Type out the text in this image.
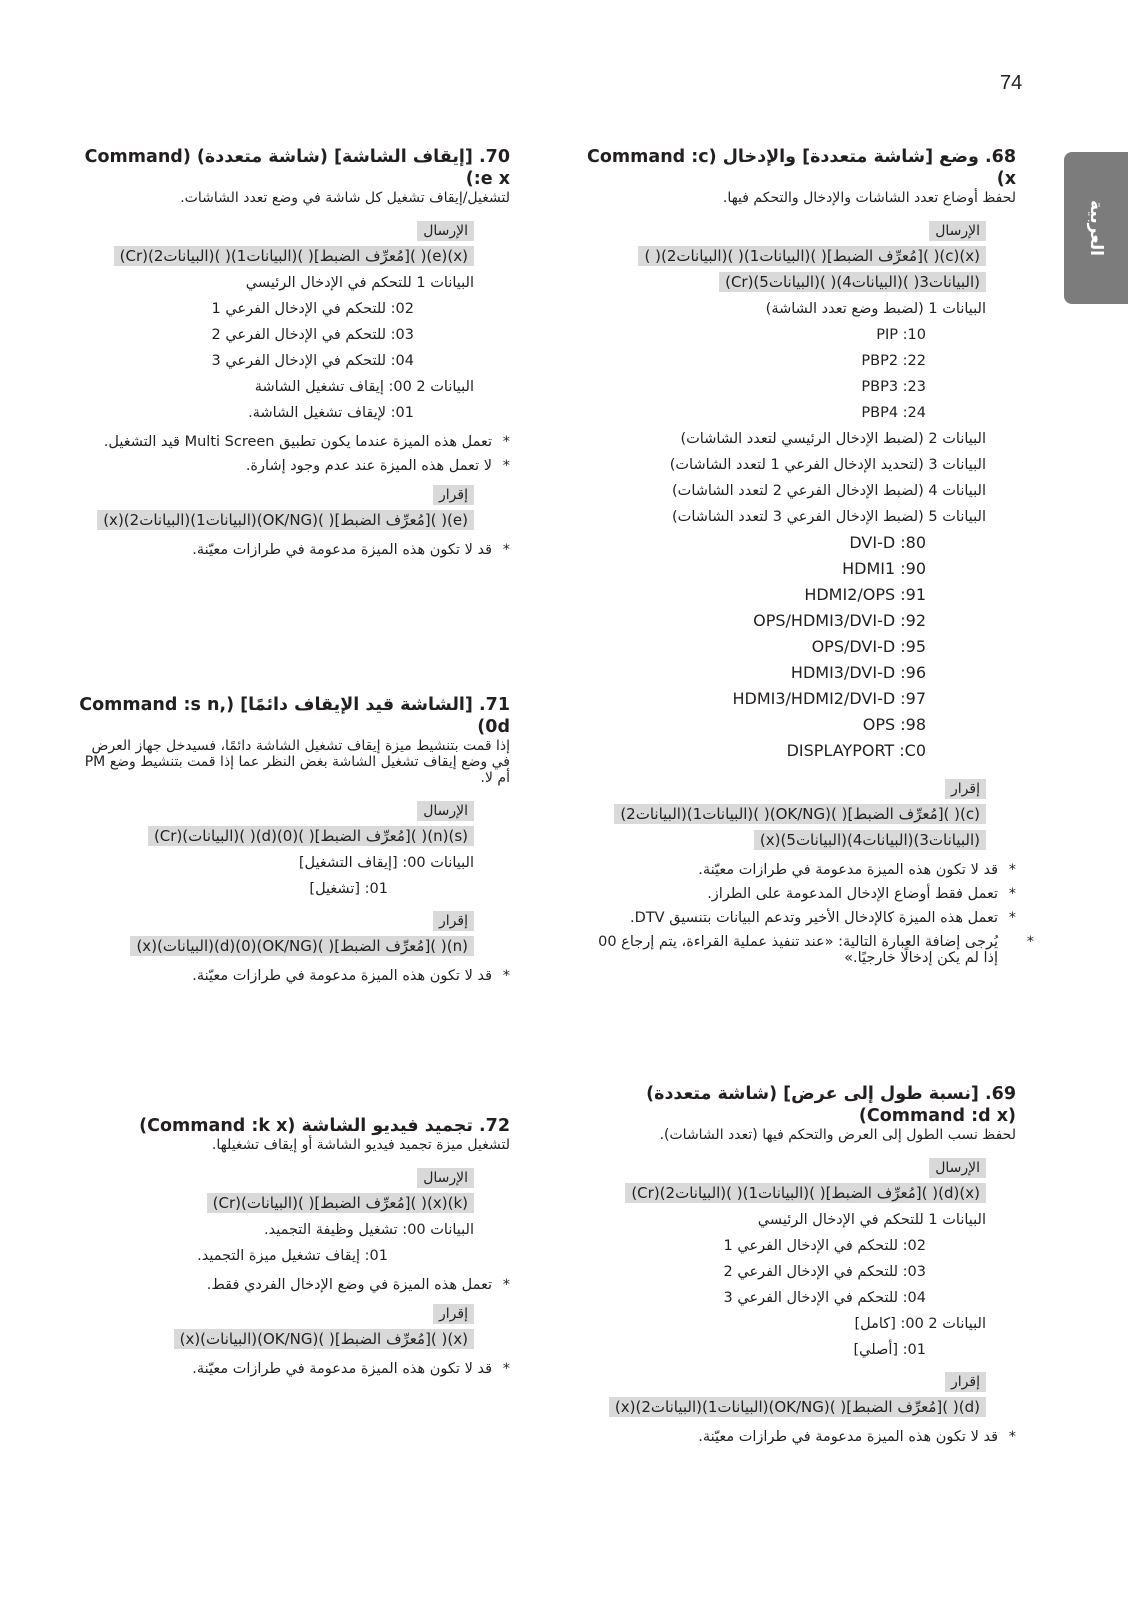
74
العربية

68. وضع [شاشة متعددة] والإدخال (Command :c x)

لحفظ أوضاع تعدد الشاشات والإدخال والتحكم فيها.

الإرسال
(x)(c)( )[مُعرِّف الضبط]( )(البيانات1)( )(البيانات2)( )
(البيانات3( )(البيانات4)( )(البيانات5)(Cr)

البيانات 1 (لضبط وضع تعدد الشاشة)

PIP :10

PBP2 :22

PBP3 :23

PBP4 :24

البيانات 2 (لضبط الإدخال الرئيسي لتعدد الشاشات)

البيانات 3 (لتحديد الإدخال الفرعي 1 لتعدد الشاشات)

البيانات 4 (لضبط الإدخال الفرعي 2 لتعدد الشاشات)

البيانات 5 (لضبط الإدخال الفرعي 3 لتعدد الشاشات)

DVI-D :80

HDMI1 :90

HDMI2/OPS :91

OPS/HDMI3/DVI-D :92

OPS/DVI-D :95

HDMI3/DVI-D :96

HDMI3/HDMI2/DVI-D :97

OPS :98

DISPLAYPORT :C0

إقرار
(c)( )[مُعرِّف الضبط]( )(OK/NG)( )(البيانات1)(البيانات2)
(البيانات3)(البيانات4)(البيانات5)(x)

*قد لا تكون هذه الميزة مدعومة في طرازات معيّنة.

*تعمل فقط أوضاع الإدخال المدعومة على الطراز.

*تعمل هذه الميزة كالإدخال الأخير وتدعم البيانات بتنسيق DTV.

*يُرجى إضافة العبارة التالية: «عند تنفيذ عملية القراءة، يتم إرجاع 00 إذا لم يكن إدخالًا خارجيًا.»

69. [نسبة طول إلى عرض] (شاشة متعددة) (Command :d x)

لحفظ نسب الطول إلى العرض والتحكم فيها (تعدد الشاشات).

الإرسال
(x)(d)( )[مُعرِّف الضبط]( )(البيانات1)( )(البيانات2)(Cr)

البيانات 1 للتحكم في الإدخال الرئيسي

02: للتحكم في الإدخال الفرعي 1

03: للتحكم في الإدخال الفرعي 2

04: للتحكم في الإدخال الفرعي 3

البيانات 2 00: [كامل]

01: [أصلي]

إقرار
(d)( )[مُعرِّف الضبط]( )(OK/NG)(البيانات1)(البيانات2)(x)

*قد لا تكون هذه الميزة مدعومة في طرازات معيّنة.

70. [إيقاف الشاشة] (شاشة متعددة) (Command :e x)

لتشغيل/إيقاف تشغيل كل شاشة في وضع تعدد الشاشات.

الإرسال
(x)(e)( )[مُعرِّف الضبط]( )(البيانات1)( )(البيانات2)(Cr)

البيانات 1 للتحكم في الإدخال الرئيسي

02: للتحكم في الإدخال الفرعي 1

03: للتحكم في الإدخال الفرعي 2

04: للتحكم في الإدخال الفرعي 3

البيانات 2 00: إيقاف تشغيل الشاشة

01: لإيقاف تشغيل الشاشة.

*تعمل هذه الميزة عندما يكون تطبيق Multi Screen قيد التشغيل.

*لا تعمل هذه الميزة عند عدم وجود إشارة.

إقرار
(e)( )[مُعرِّف الضبط]( )(OK/NG)(البيانات1)(البيانات2)(x)

*قد لا تكون هذه الميزة مدعومة في طرازات معيّنة.

71. [الشاشة قيد الإيقاف دائمًا] (Command :s n, 0d)

إذا قمت بتنشيط ميزة إيقاف تشغيل الشاشة دائمًا، فسيدخل جهاز العرض في وضع إيقاف تشغيل الشاشة بغض النظر عما إذا قمت بتنشيط وضع PM أم لا.

الإرسال
(s)(n)( )[مُعرِّف الضبط]( )(0)(d)( )(البيانات)(Cr)

البيانات 00: [إيقاف التشغيل]

01: [تشغيل]

إقرار
(n)( )[مُعرِّف الضبط]( )(OK/NG)(0)(d)(البيانات)(x)

*قد لا تكون هذه الميزة مدعومة في طرازات معيّنة.

72. تجميد فيديو الشاشة (Command :k x)

لتشغيل ميزة تجميد فيديو الشاشة أو إيقاف تشغيلها.

الإرسال
(k)(x)( )[مُعرِّف الضبط]( )(البيانات)(Cr)

البيانات 00: تشغيل وظيفة التجميد.

01: إيقاف تشغيل ميزة التجميد.

*تعمل هذه الميزة في وضع الإدخال الفردي فقط.

إقرار
(x)( )[مُعرِّف الضبط]( )(OK/NG)(البيانات)(x)

*قد لا تكون هذه الميزة مدعومة في طرازات معيّنة.
